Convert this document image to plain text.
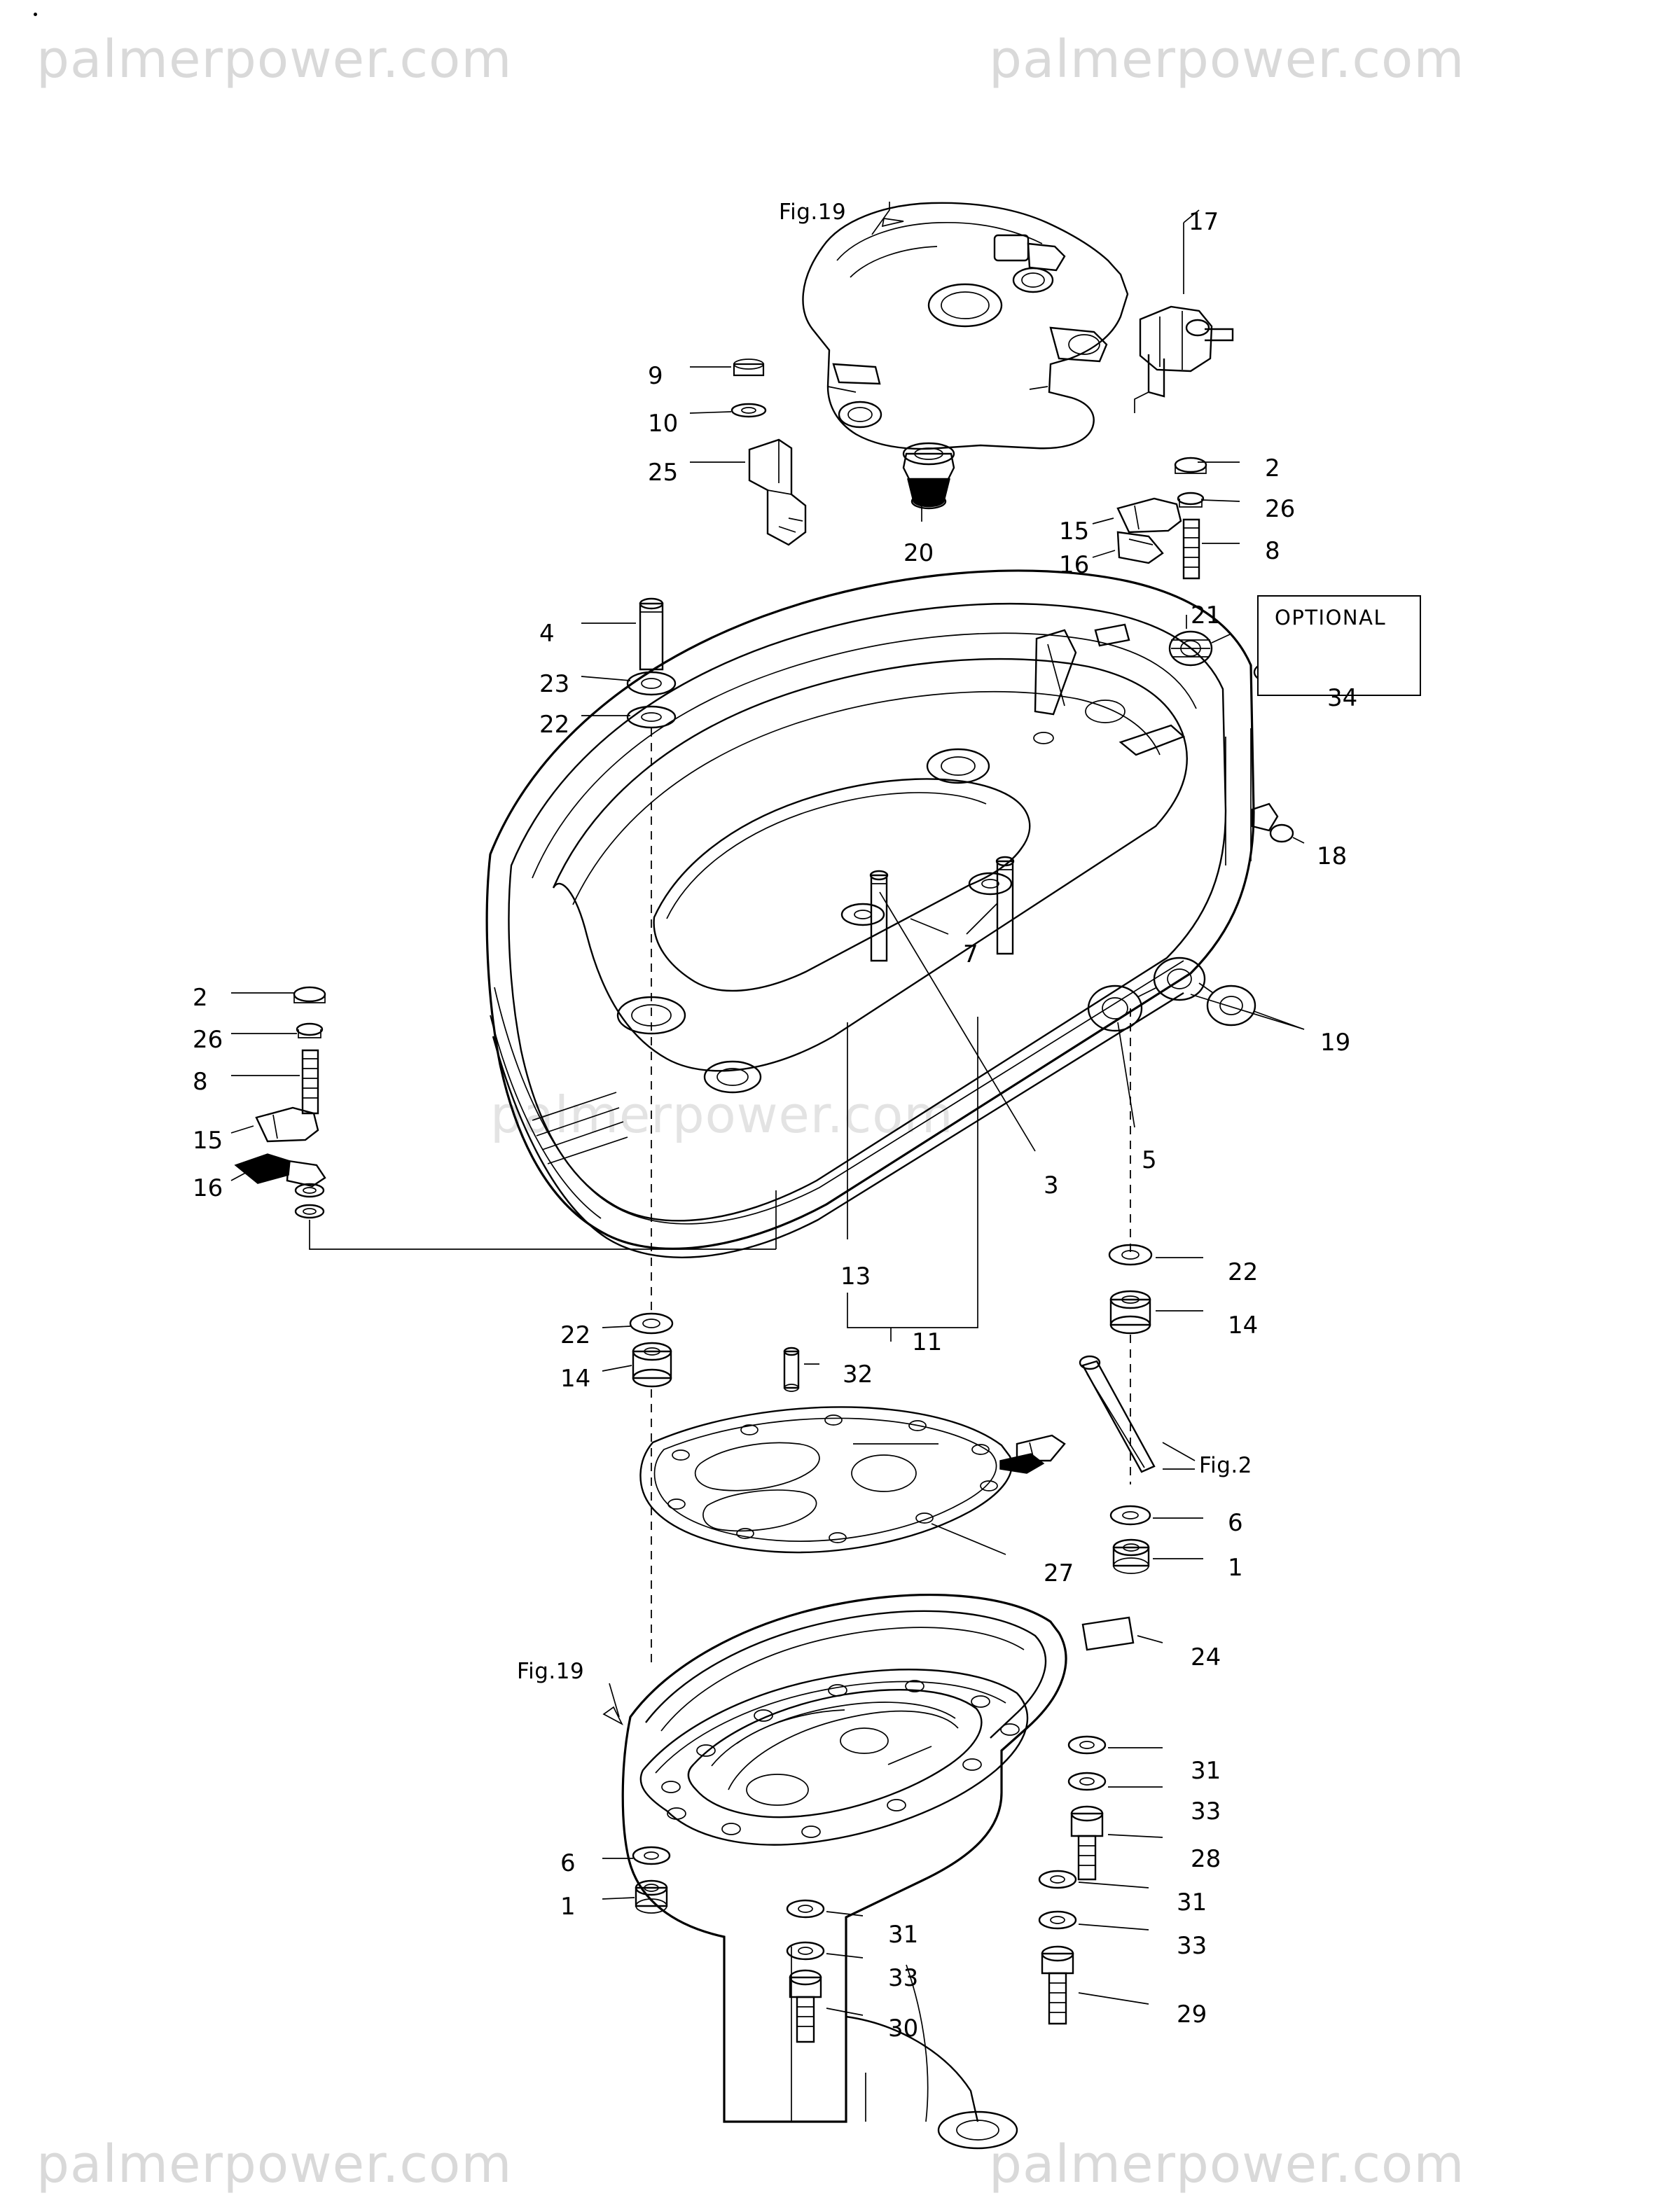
palmerpower.com	palmerpower.com
palmerpower.com	palmerpower.com
palmerpower.com
OPTIONAL
Fig.19
Fig.2
Fig.19
17
9
10
25
20
2
26
15
8
16
21
34
4
23
22
18
7
19
2
26
8
15
16
5
3
13
11
22
14
22
14	32
6
1
27
24
31
33
28
6
1	31
33
31
33
29
30
